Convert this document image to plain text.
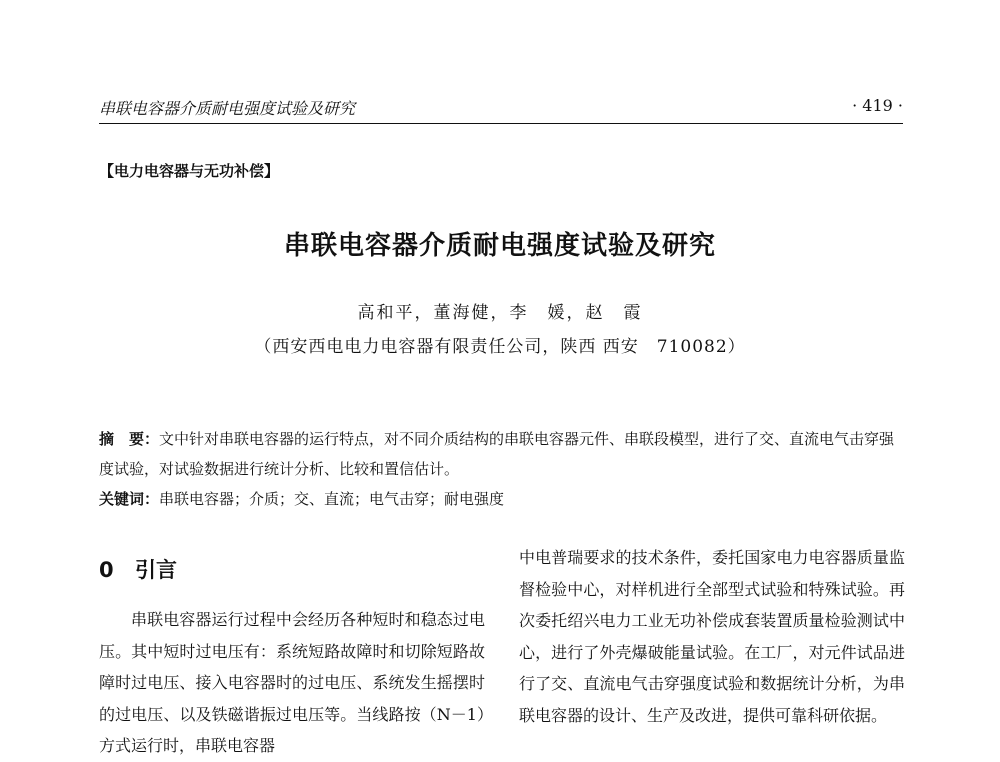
串联电容器介质耐电强度试验及研究	· 419 ·
【电力电容器与无功补偿】
串联电容器介质耐电强度试验及研究
高和平，董海健，李　媛，赵　霞
（西安西电电力电容器有限责任公司，陕西 西安　710082）
摘　要：文中针对串联电容器的运行特点，对不同介质结构的串联电容器元件、串联段模型，进行了交、直流电气击穿强度试验，对试验数据进行统计分析、比较和置信估计。
关键词：串联电容器；介质；交、直流；电气击穿；耐电强度
0 引言

串联电容器运行过程中会经历各种短时和稳态过电压。其中短时过电压有：系统短路故障时和切除短路故障时过电压、接入电容器时的过电压、系统发生摇摆时的过电压、以及铁磁谐振过电压等。当线路按（N－1）方式运行时，串联电容器

中电普瑞要求的技术条件，委托国家电力电容器质量监督检验中心，对样机进行全部型式试验和特殊试验。再次委托绍兴电力工业无功补偿成套装置质量检验测试中心，进行了外壳爆破能量试验。在工厂，对元件试品进行了交、直流电气击穿强度试验和数据统计分析，为串联电容器的设计、生产及改进，提供可靠科研依据。
